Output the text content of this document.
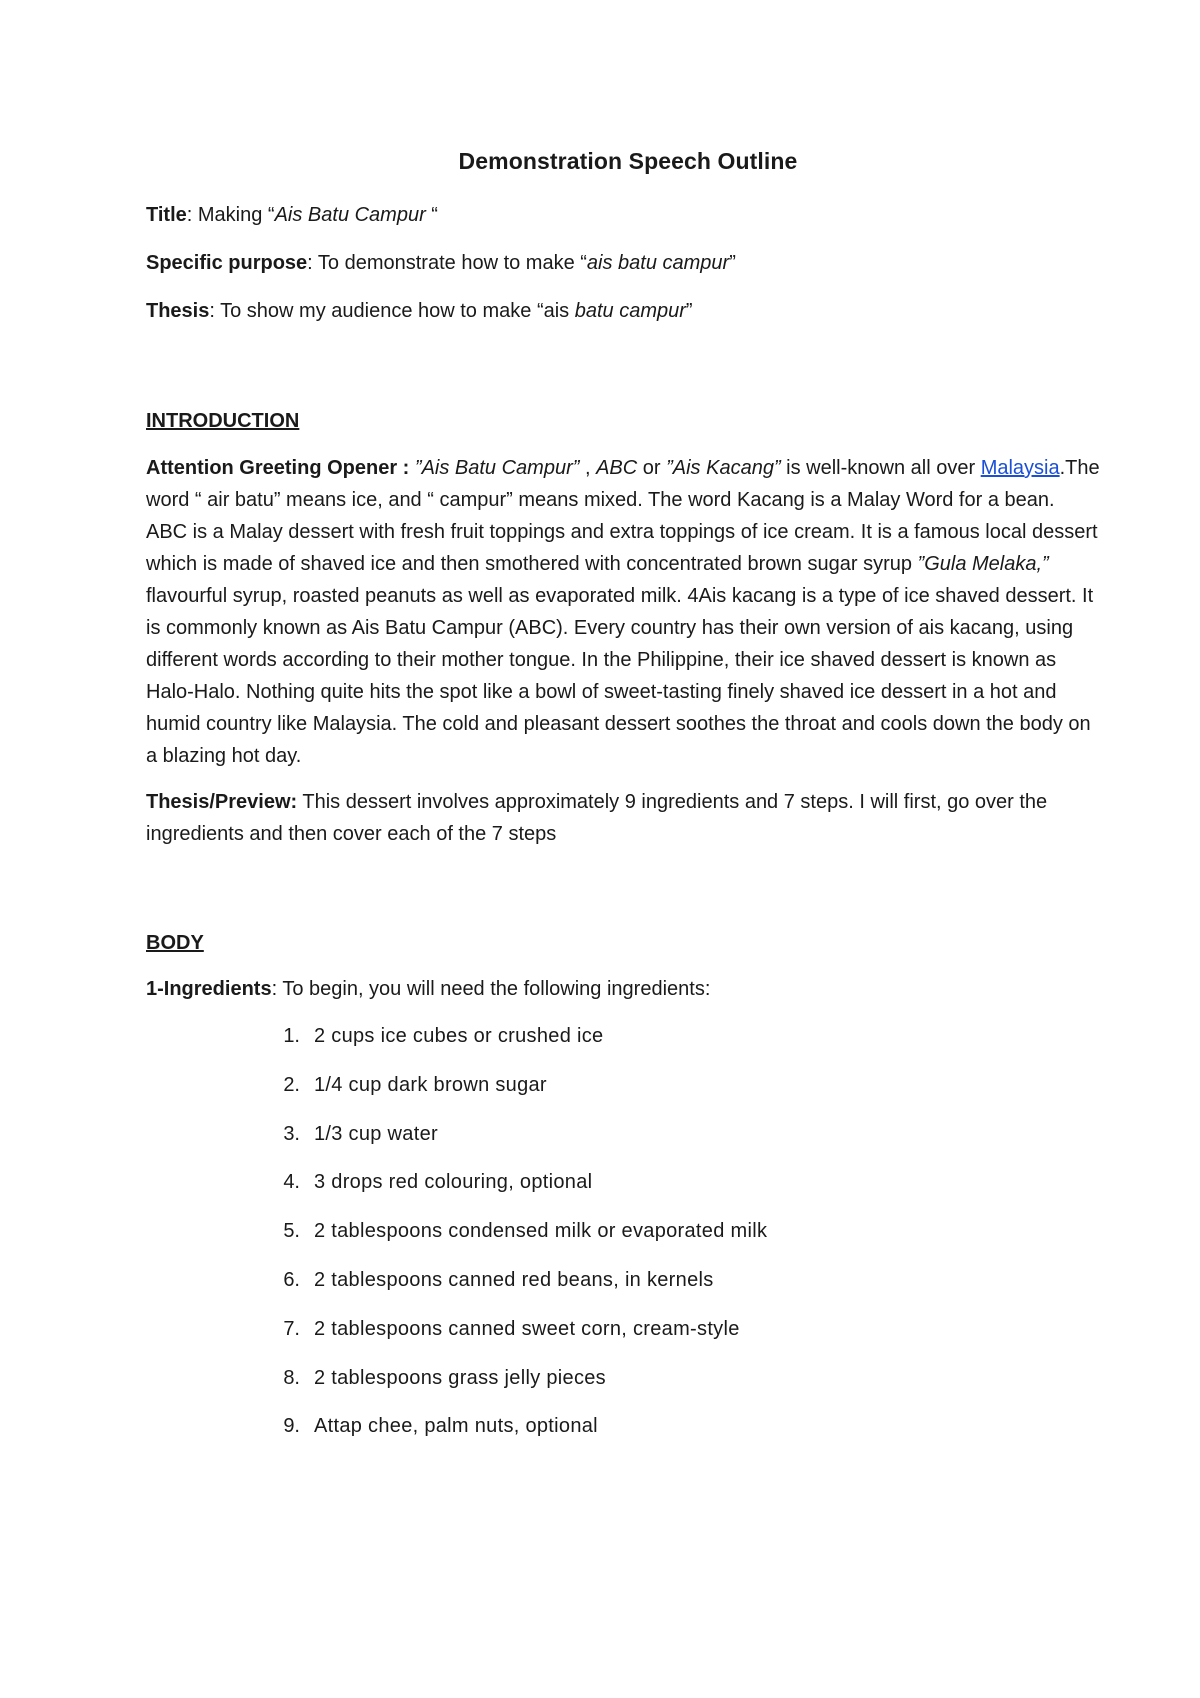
Demonstration Speech Outline

Title: Making “Ais Batu Campur “

Specific purpose: To demonstrate how to make “ais batu campur”

Thesis: To show my audience how to make “ais batu campur”

INTRODUCTION

Attention Greeting Opener : ”Ais Batu Campur” , ABC or ”Ais Kacang” is well-known all over Malaysia.The word “ air batu” means ice, and “ campur” means mixed. The word Kacang is a Malay Word for a bean. ABC is a Malay dessert with fresh fruit toppings and extra toppings of ice cream. It is a famous local dessert which is made of shaved ice and then smothered with concentrated brown sugar syrup ”Gula Melaka,” flavourful syrup, roasted peanuts as well as evaporated milk. 4Ais kacang is a type of ice shaved dessert. It is commonly known as Ais Batu Campur (ABC). Every country has their own version of ais kacang, using different words according to their mother tongue. In the Philippine, their ice shaved dessert is known as Halo-Halo. Nothing quite hits the spot like a bowl of sweet-tasting finely shaved ice dessert in a hot and humid country like Malaysia. The cold and pleasant dessert soothes the throat and cools down the body on a blazing hot day.

Thesis/Preview: This dessert involves approximately 9 ingredients and 7 steps. I will first, go over the ingredients and then cover each of the 7 steps

BODY

1-Ingredients: To begin, you will need the following ingredients:

1. 2 cups ice cubes or crushed ice
2. 1/4 cup dark brown sugar
3. 1/3 cup water
4. 3 drops red colouring, optional
5. 2 tablespoons condensed milk or evaporated milk
6. 2 tablespoons canned red beans, in kernels
7. 2 tablespoons canned sweet corn, cream-style
8. 2 tablespoons grass jelly pieces
9. Attap chee, palm nuts, optional
